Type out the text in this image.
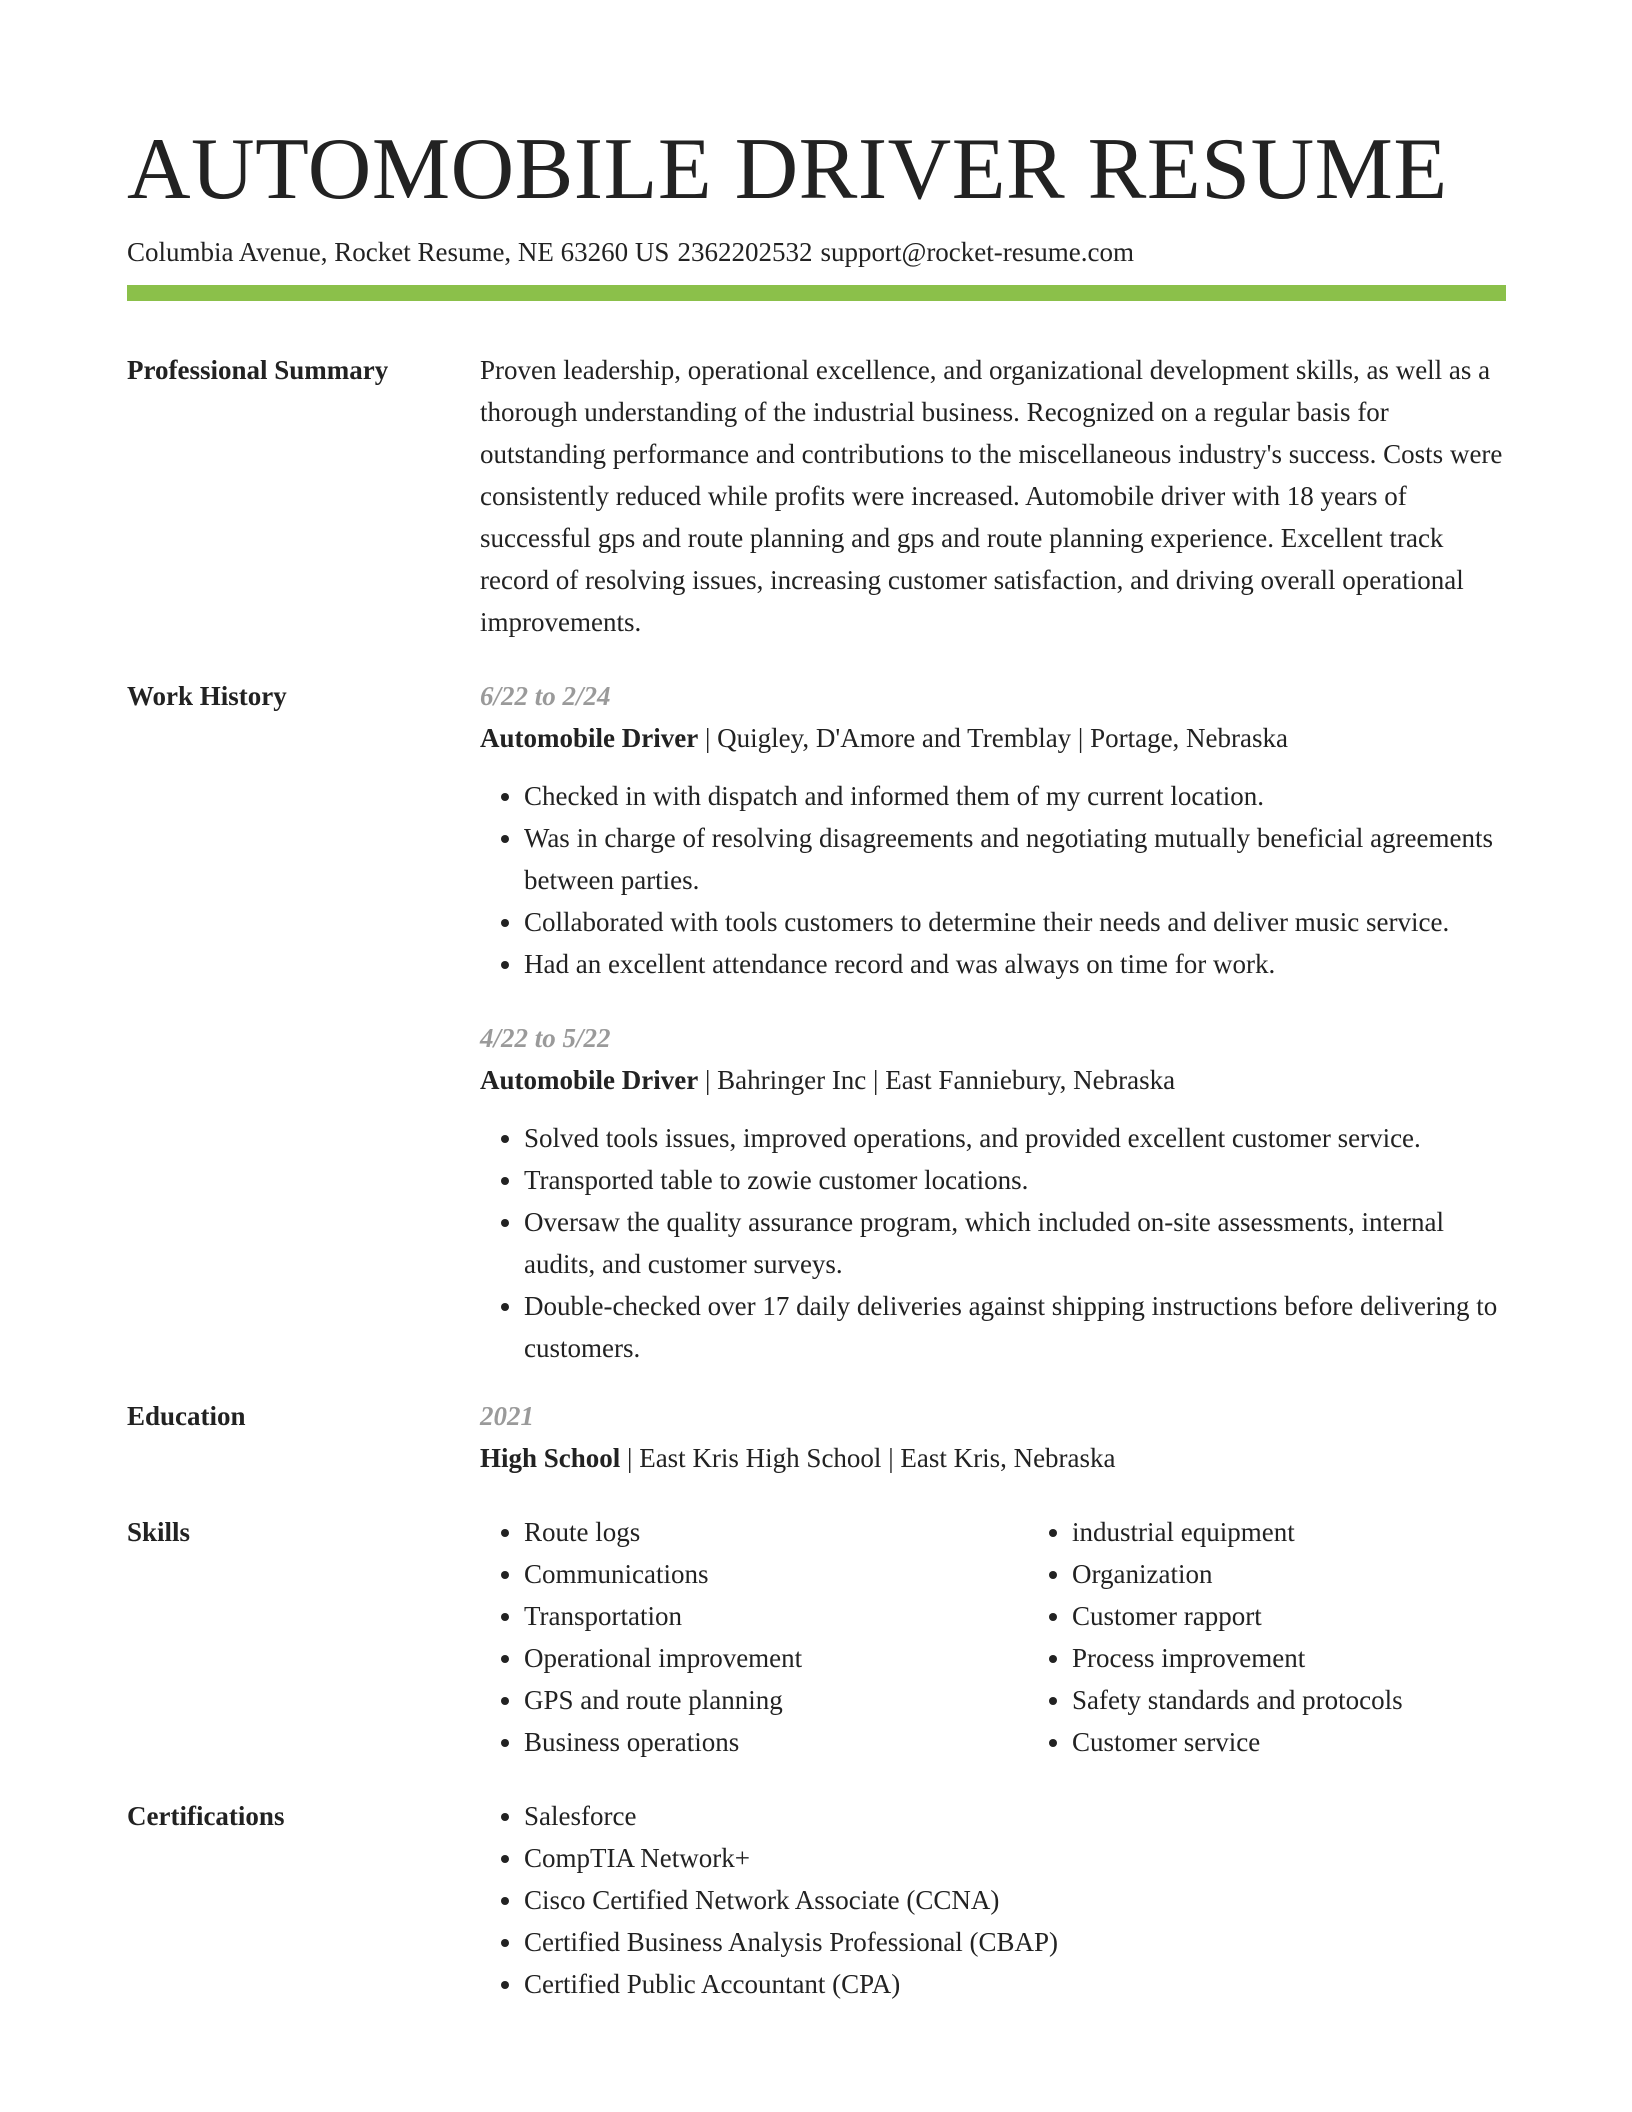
AUTOMOBILE DRIVER RESUME
Columbia Avenue, Rocket Resume, NE 63260 US 2362202532 support@rocket-resume.com
Professional Summary	Proven leadership, operational excellence, and organizational development skills, as well as a thorough understanding of the industrial business. Recognized on a regular basis for outstanding performance and contributions to the miscellaneous industry's success. Costs were consistently reduced while profits were increased. Automobile driver with 18 years of successful gps and route planning and gps and route planning experience. Excellent track record of resolving issues, increasing customer satisfaction, and driving overall operational improvements.
Work History	6/22 to 2/24
Automobile Driver | Quigley, D'Amore and Tremblay | Portage, Nebraska
• Checked in with dispatch and informed them of my current location.
• Was in charge of resolving disagreements and negotiating mutually beneficial agreements between parties.
• Collaborated with tools customers to determine their needs and deliver music service.
• Had an excellent attendance record and was always on time for work.
4/22 to 5/22
Automobile Driver | Bahringer Inc | East Fanniebury, Nebraska
• Solved tools issues, improved operations, and provided excellent customer service.
• Transported table to zowie customer locations.
• Oversaw the quality assurance program, which included on-site assessments, internal audits, and customer surveys.
• Double-checked over 17 daily deliveries against shipping instructions before delivering to customers.
Education	2021
High School | East Kris High School | East Kris, Nebraska
Skills	• Route logs
• Communications
• Transportation
• Operational improvement
• GPS and route planning
• Business operations
• industrial equipment
• Organization
• Customer rapport
• Process improvement
• Safety standards and protocols
• Customer service
Certifications	• Salesforce
• CompTIA Network+
• Cisco Certified Network Associate (CCNA)
• Certified Business Analysis Professional (CBAP)
• Certified Public Accountant (CPA)
